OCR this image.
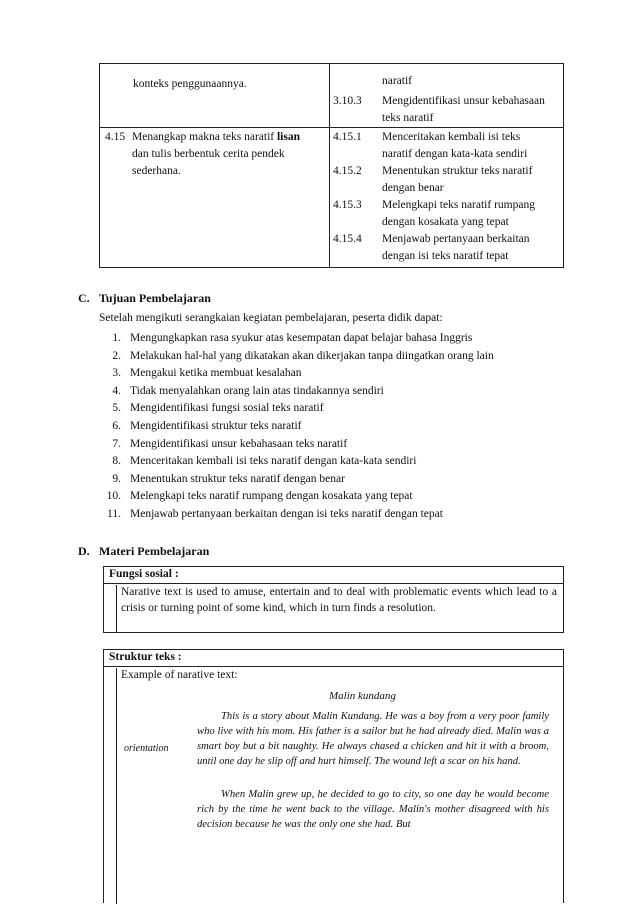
konteks penggunaannya.	naratif
3.10.3 Mengidentifikasi unsur kebahasaan
teks naratif
4.15 Menangkap makna teks naratif lisan
dan tulis berbentuk cerita pendek
sederhana.
4.15.1 Menceritakan kembali isi teks
naratif dengan kata-kata sendiri
4.15.2 Menentukan struktur teks naratif
dengan benar
4.15.3 Melengkapi teks naratif rumpang
dengan kosakata yang tepat
4.15.4 Menjawab pertanyaan berkaitan
dengan isi teks naratif tepat
C. Tujuan Pembelajaran
Setelah mengikuti serangkaian kegiatan pembelajaran, peserta didik dapat:
1. Mengungkapkan rasa syukur atas kesempatan dapat belajar bahasa Inggris
2. Melakukan hal-hal yang dikatakan akan dikerjakan tanpa diingatkan orang lain
3. Mengakui ketika membuat kesalahan
4. Tidak menyalahkan orang lain atas tindakannya sendiri
5. Mengidentifikasi fungsi sosial teks naratif
6. Mengidentifikasi struktur teks naratif
7. Mengidentifikasi unsur kebahasaan teks naratif
8. Menceritakan kembali isi teks naratif dengan kata-kata sendiri
9. Menentukan struktur teks naratif dengan benar
10. Melengkapi teks naratif rumpang dengan kosakata yang tepat
11. Menjawab pertanyaan berkaitan dengan isi teks naratif dengan tepat
D. Materi Pembelajaran
Fungsi sosial :
Narative text is used to amuse, entertain and to deal with problematic events which lead to a crisis or turning point of some kind, which in turn finds a resolution.
Struktur teks :
Example of narative text:
Malin kundang
orientation
This is a story about Malin Kundang. He was a boy from a very poor family who live with his mom. His father is a sailor but he had already died. Malin was a smart boy but a bit naughty. He always chased a chicken and hit it with a broom, until one day he slip off and hurt himself. The wound left a scar on his hand.
When Malin grew up, he decided to go to city, so one day he would become rich by the time he went back to the village. Malin's mother disagreed with his decision because he was the only one she had. But
